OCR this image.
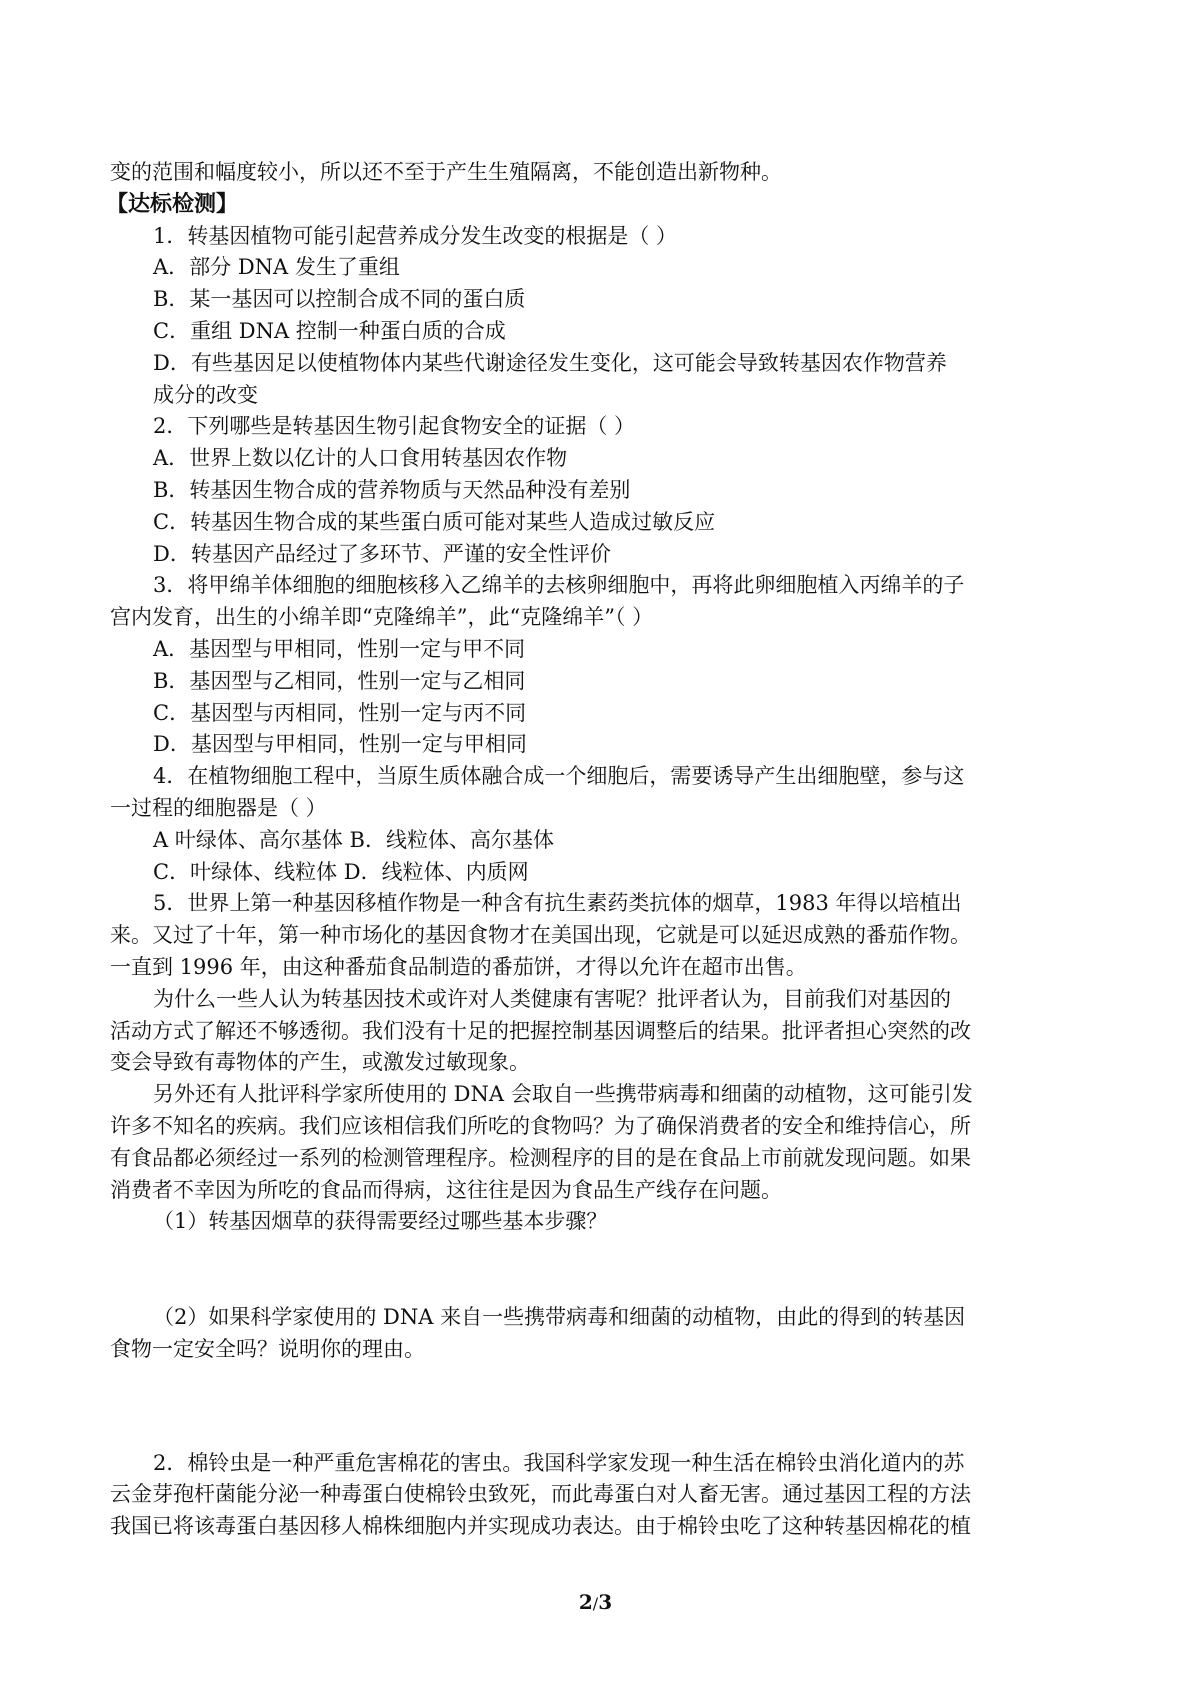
变的范围和幅度较小，所以还不至于产生生殖隔离，不能创造出新物种。
【达标检测】
1．转基因植物可能引起营养成分发生改变的根据是（ ）
A．部分 DNA 发生了重组
B．某一基因可以控制合成不同的蛋白质
C．重组 DNA 控制一种蛋白质的合成
D．有些基因足以使植物体内某些代谢途径发生变化，这可能会导致转基因农作物营养
成分的改变
2．下列哪些是转基因生物引起食物安全的证据（ ）
A．世界上数以亿计的人口食用转基因农作物
B．转基因生物合成的营养物质与天然品种没有差别
C．转基因生物合成的某些蛋白质可能对某些人造成过敏反应
D．转基因产品经过了多环节、严谨的安全性评价
3．将甲绵羊体细胞的细胞核移入乙绵羊的去核卵细胞中，再将此卵细胞植入丙绵羊的子
宫内发育，出生的小绵羊即“克隆绵羊”，此“克隆绵羊”（ ）
A．基因型与甲相同，性别一定与甲不同
B．基因型与乙相同，性别一定与乙相同
C．基因型与丙相同，性别一定与丙不同
D．基因型与甲相同，性别一定与甲相同
4．在植物细胞工程中，当原生质体融合成一个细胞后，需要诱导产生出细胞壁，参与这
一过程的细胞器是（ ）
A 叶绿体、高尔基体 B．线粒体、高尔基体
C．叶绿体、线粒体 D．线粒体、内质网
5．世界上第一种基因移植作物是一种含有抗生素药类抗体的烟草，1983 年得以培植出
来。又过了十年，第一种市场化的基因食物才在美国出现，它就是可以延迟成熟的番茄作物。
一直到 1996 年，由这种番茄食品制造的番茄饼，才得以允许在超市出售。
为什么一些人认为转基因技术或许对人类健康有害呢？批评者认为，目前我们对基因的
活动方式了解还不够透彻。我们没有十足的把握控制基因调整后的结果。批评者担心突然的改
变会导致有毒物体的产生，或激发过敏现象。
另外还有人批评科学家所使用的 DNA 会取自一些携带病毒和细菌的动植物，这可能引发
许多不知名的疾病。我们应该相信我们所吃的食物吗？为了确保消费者的安全和维持信心，所
有食品都必须经过一系列的检测管理程序。检测程序的目的是在食品上市前就发现问题。如果
消费者不幸因为所吃的食品而得病，这往往是因为食品生产线存在问题。
（1）转基因烟草的获得需要经过哪些基本步骤？
（2）如果科学家使用的 DNA 来自一些携带病毒和细菌的动植物，由此的得到的转基因
食物一定安全吗？说明你的理由。
2．棉铃虫是一种严重危害棉花的害虫。我国科学家发现一种生活在棉铃虫消化道内的苏
云金芽孢杆菌能分泌一种毒蛋白使棉铃虫致死，而此毒蛋白对人畜无害。通过基因工程的方法
我国已将该毒蛋白基因移人棉株细胞内并实现成功表达。由于棉铃虫吃了这种转基因棉花的植
2/3
